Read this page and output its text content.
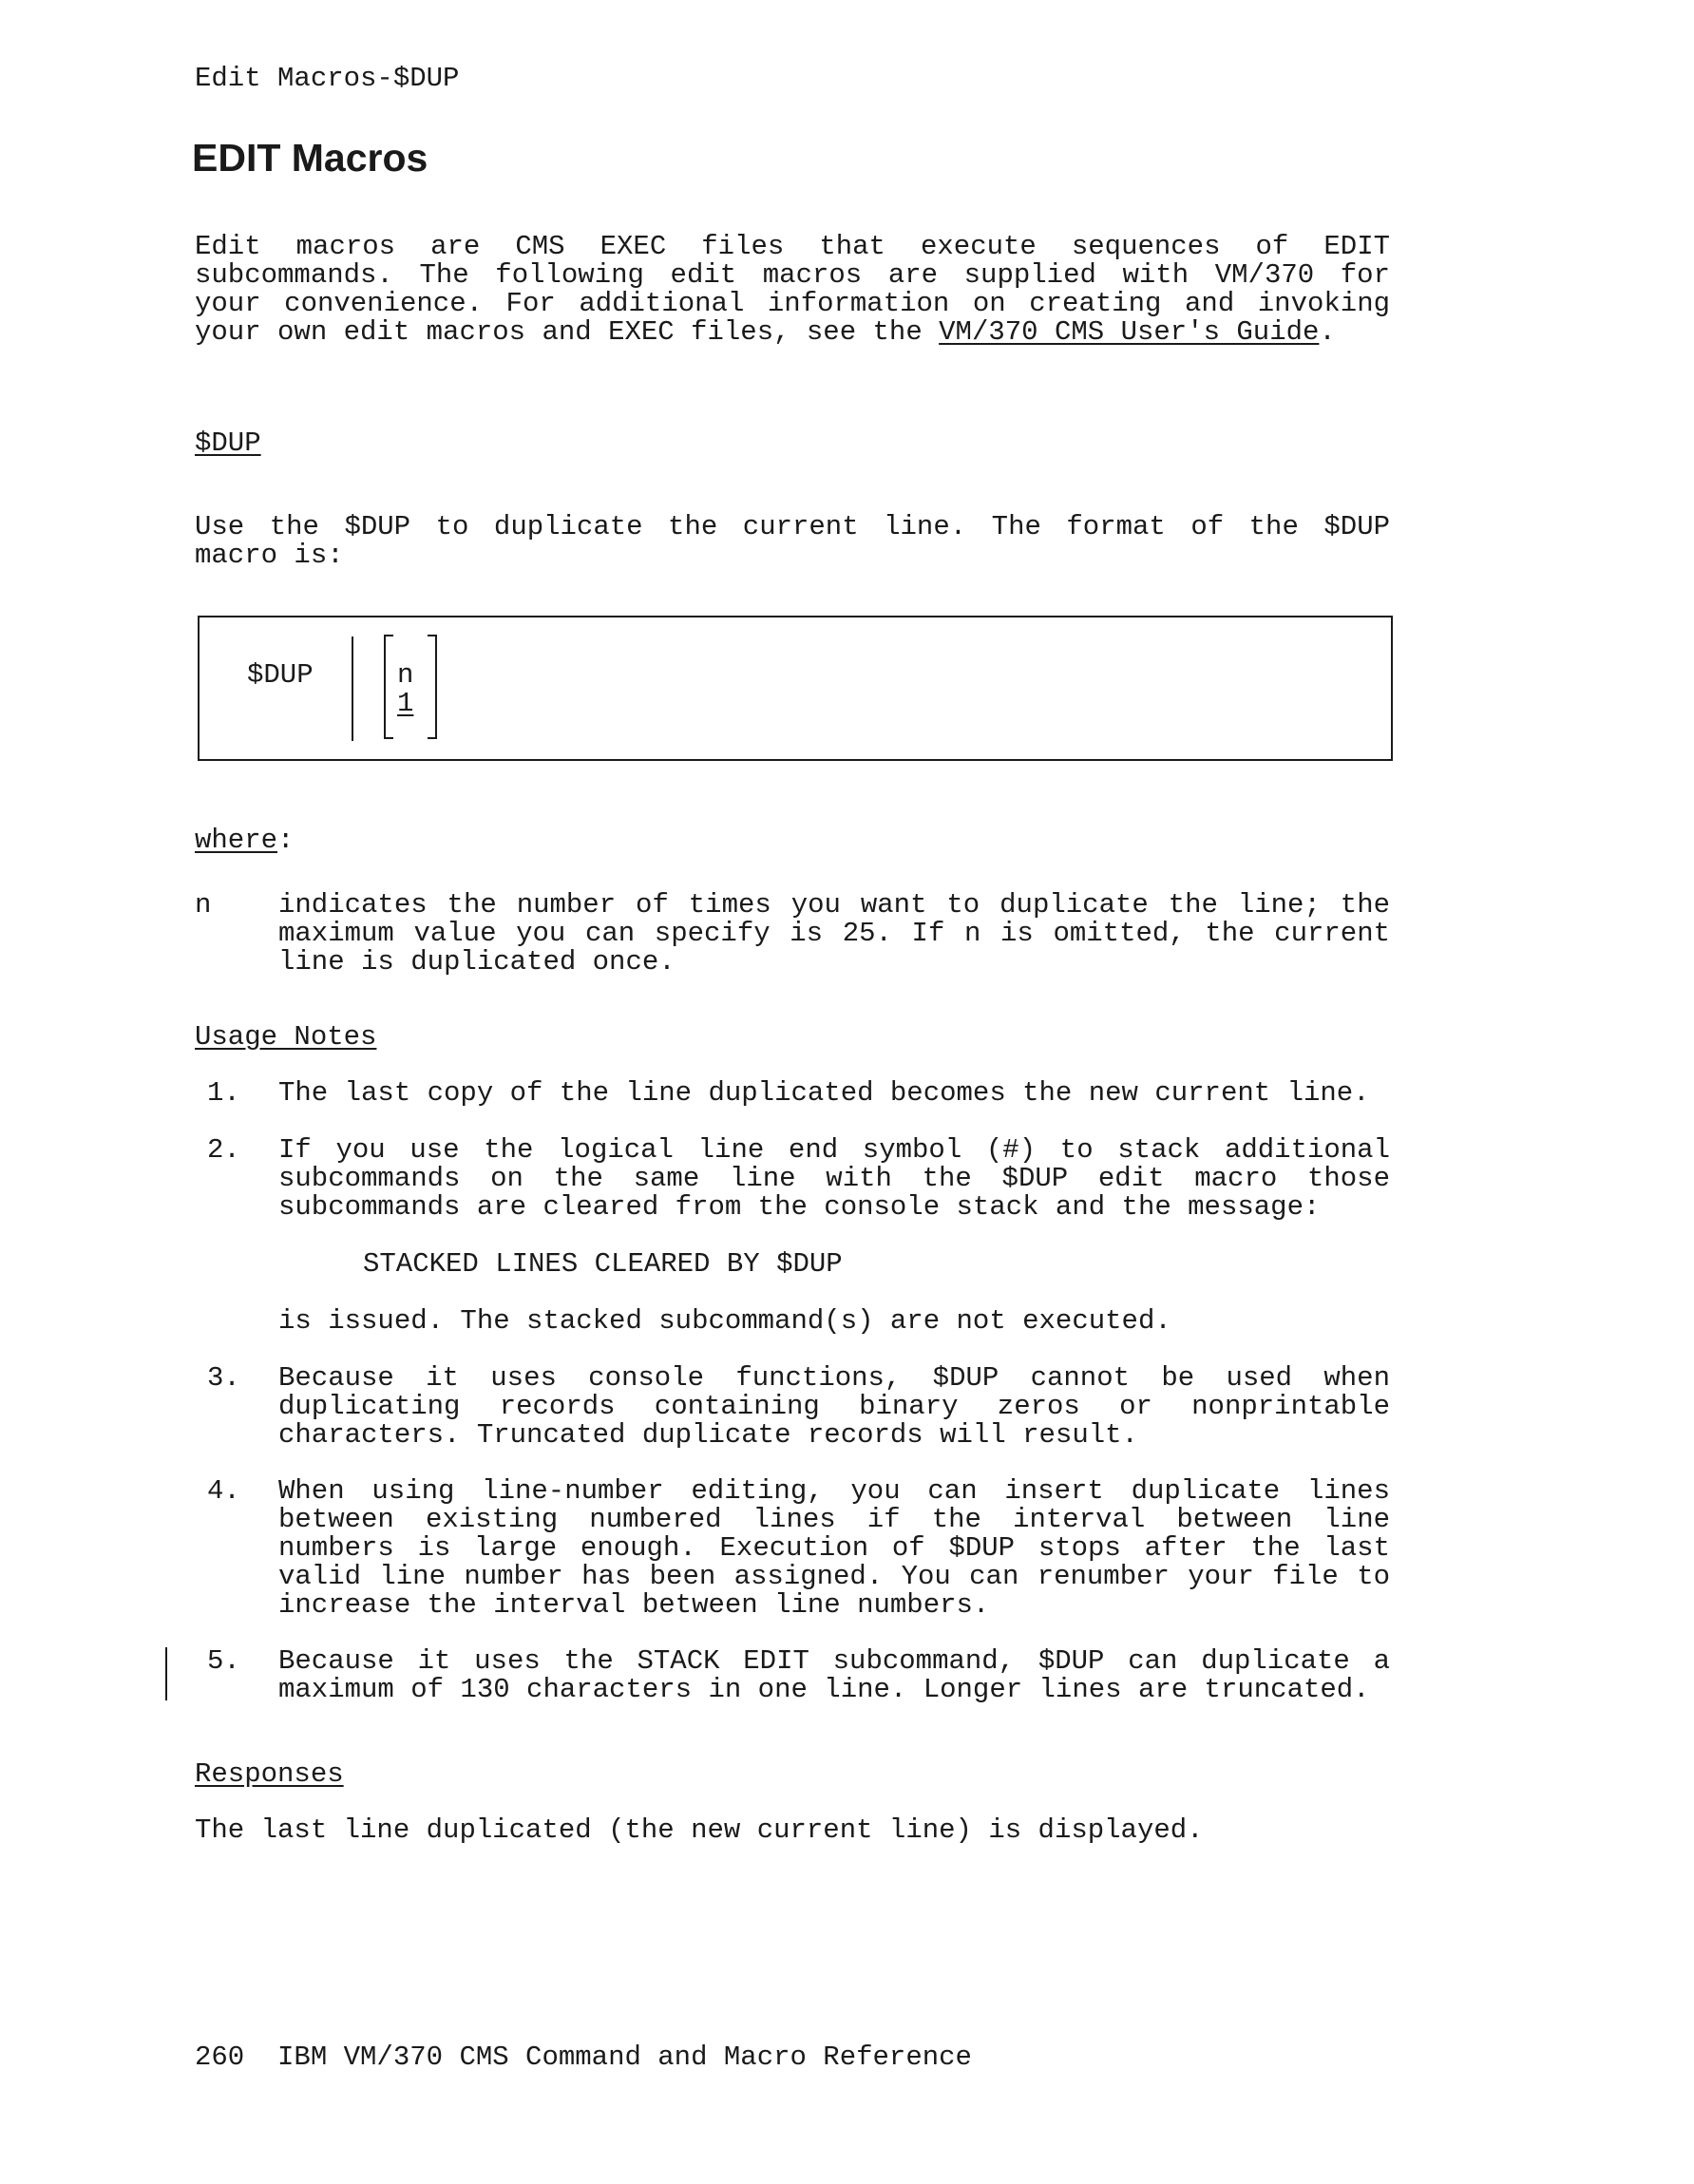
Edit Macros-$DUP
EDIT Macros
Edit macros are CMS EXEC files that execute sequences of EDIT
subcommands. The following edit macros are supplied with VM/370 for
your convenience. For additional information on creating and invoking
your own edit macros and EXEC files, see the VM/370 CMS User's Guide.
$DUP
Use the $DUP to duplicate the current line. The format of the $DUP
macro is:
$DUP	n
1
where:
n indicates the number of times you want to duplicate the line; the
maximum value you can specify is 25. If n is omitted, the current
line is duplicated once.
Usage Notes
1. The last copy of the line duplicated becomes the new current line.
2. If you use the logical line end symbol (#) to stack additional
subcommands on the same line with the $DUP edit macro those
subcommands are cleared from the console stack and the message:
STACKED LINES CLEARED BY $DUP
is issued. The stacked subcommand(s) are not executed.
3. Because it uses console functions, $DUP cannot be used when
duplicating records containing binary zeros or nonprintable
characters. Truncated duplicate records will result.
4. When using line-number editing, you can insert duplicate lines
between existing numbered lines if the interval between line
numbers is large enough. Execution of $DUP stops after the last
valid line number has been assigned. You can renumber your file to
increase the interval between line numbers.
5. Because it uses the STACK EDIT subcommand, $DUP can duplicate a
maximum of 130 characters in one line. Longer lines are truncated.
Responses
The last line duplicated (the new current line) is displayed.
260  IBM VM/370 CMS Command and Macro Reference
